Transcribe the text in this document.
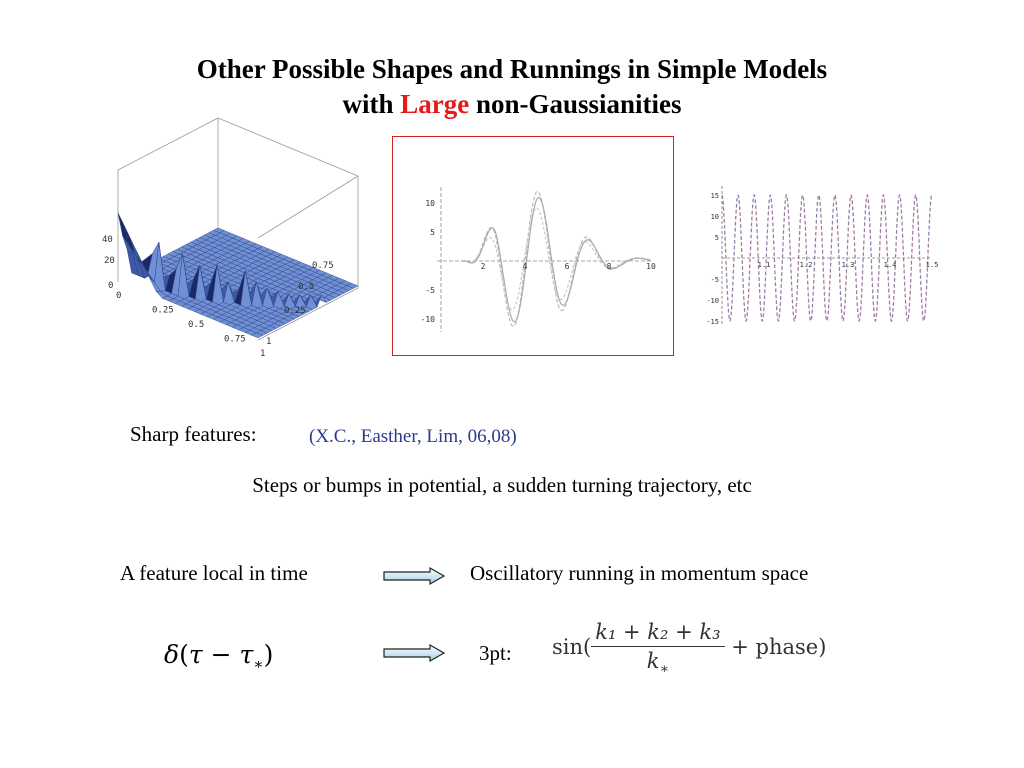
Other Possible Shapes and Runnings in Simple Models
with Large non-Gaussianities
40
20
0
0
0.25
0.5
0.75
1
0.75
0.5
0.25
1
10
5
-5
-10
2	4	6	8	10
15
10
5
-5
-10
-15
1.1	1.2	1.3	1.4	1.5
Sharp features:	(X.C., Easther, Lim, 06,08)
Steps or bumps in potential, a sudden turning trajectory, etc
A feature local in time	Oscillatory running in momentum space
$\delta(\tau - \tau_∗)$	3pt: $\sin( \frac{\text{k₁ + k₂ + k₃}}{k_∗}$ + phase)
